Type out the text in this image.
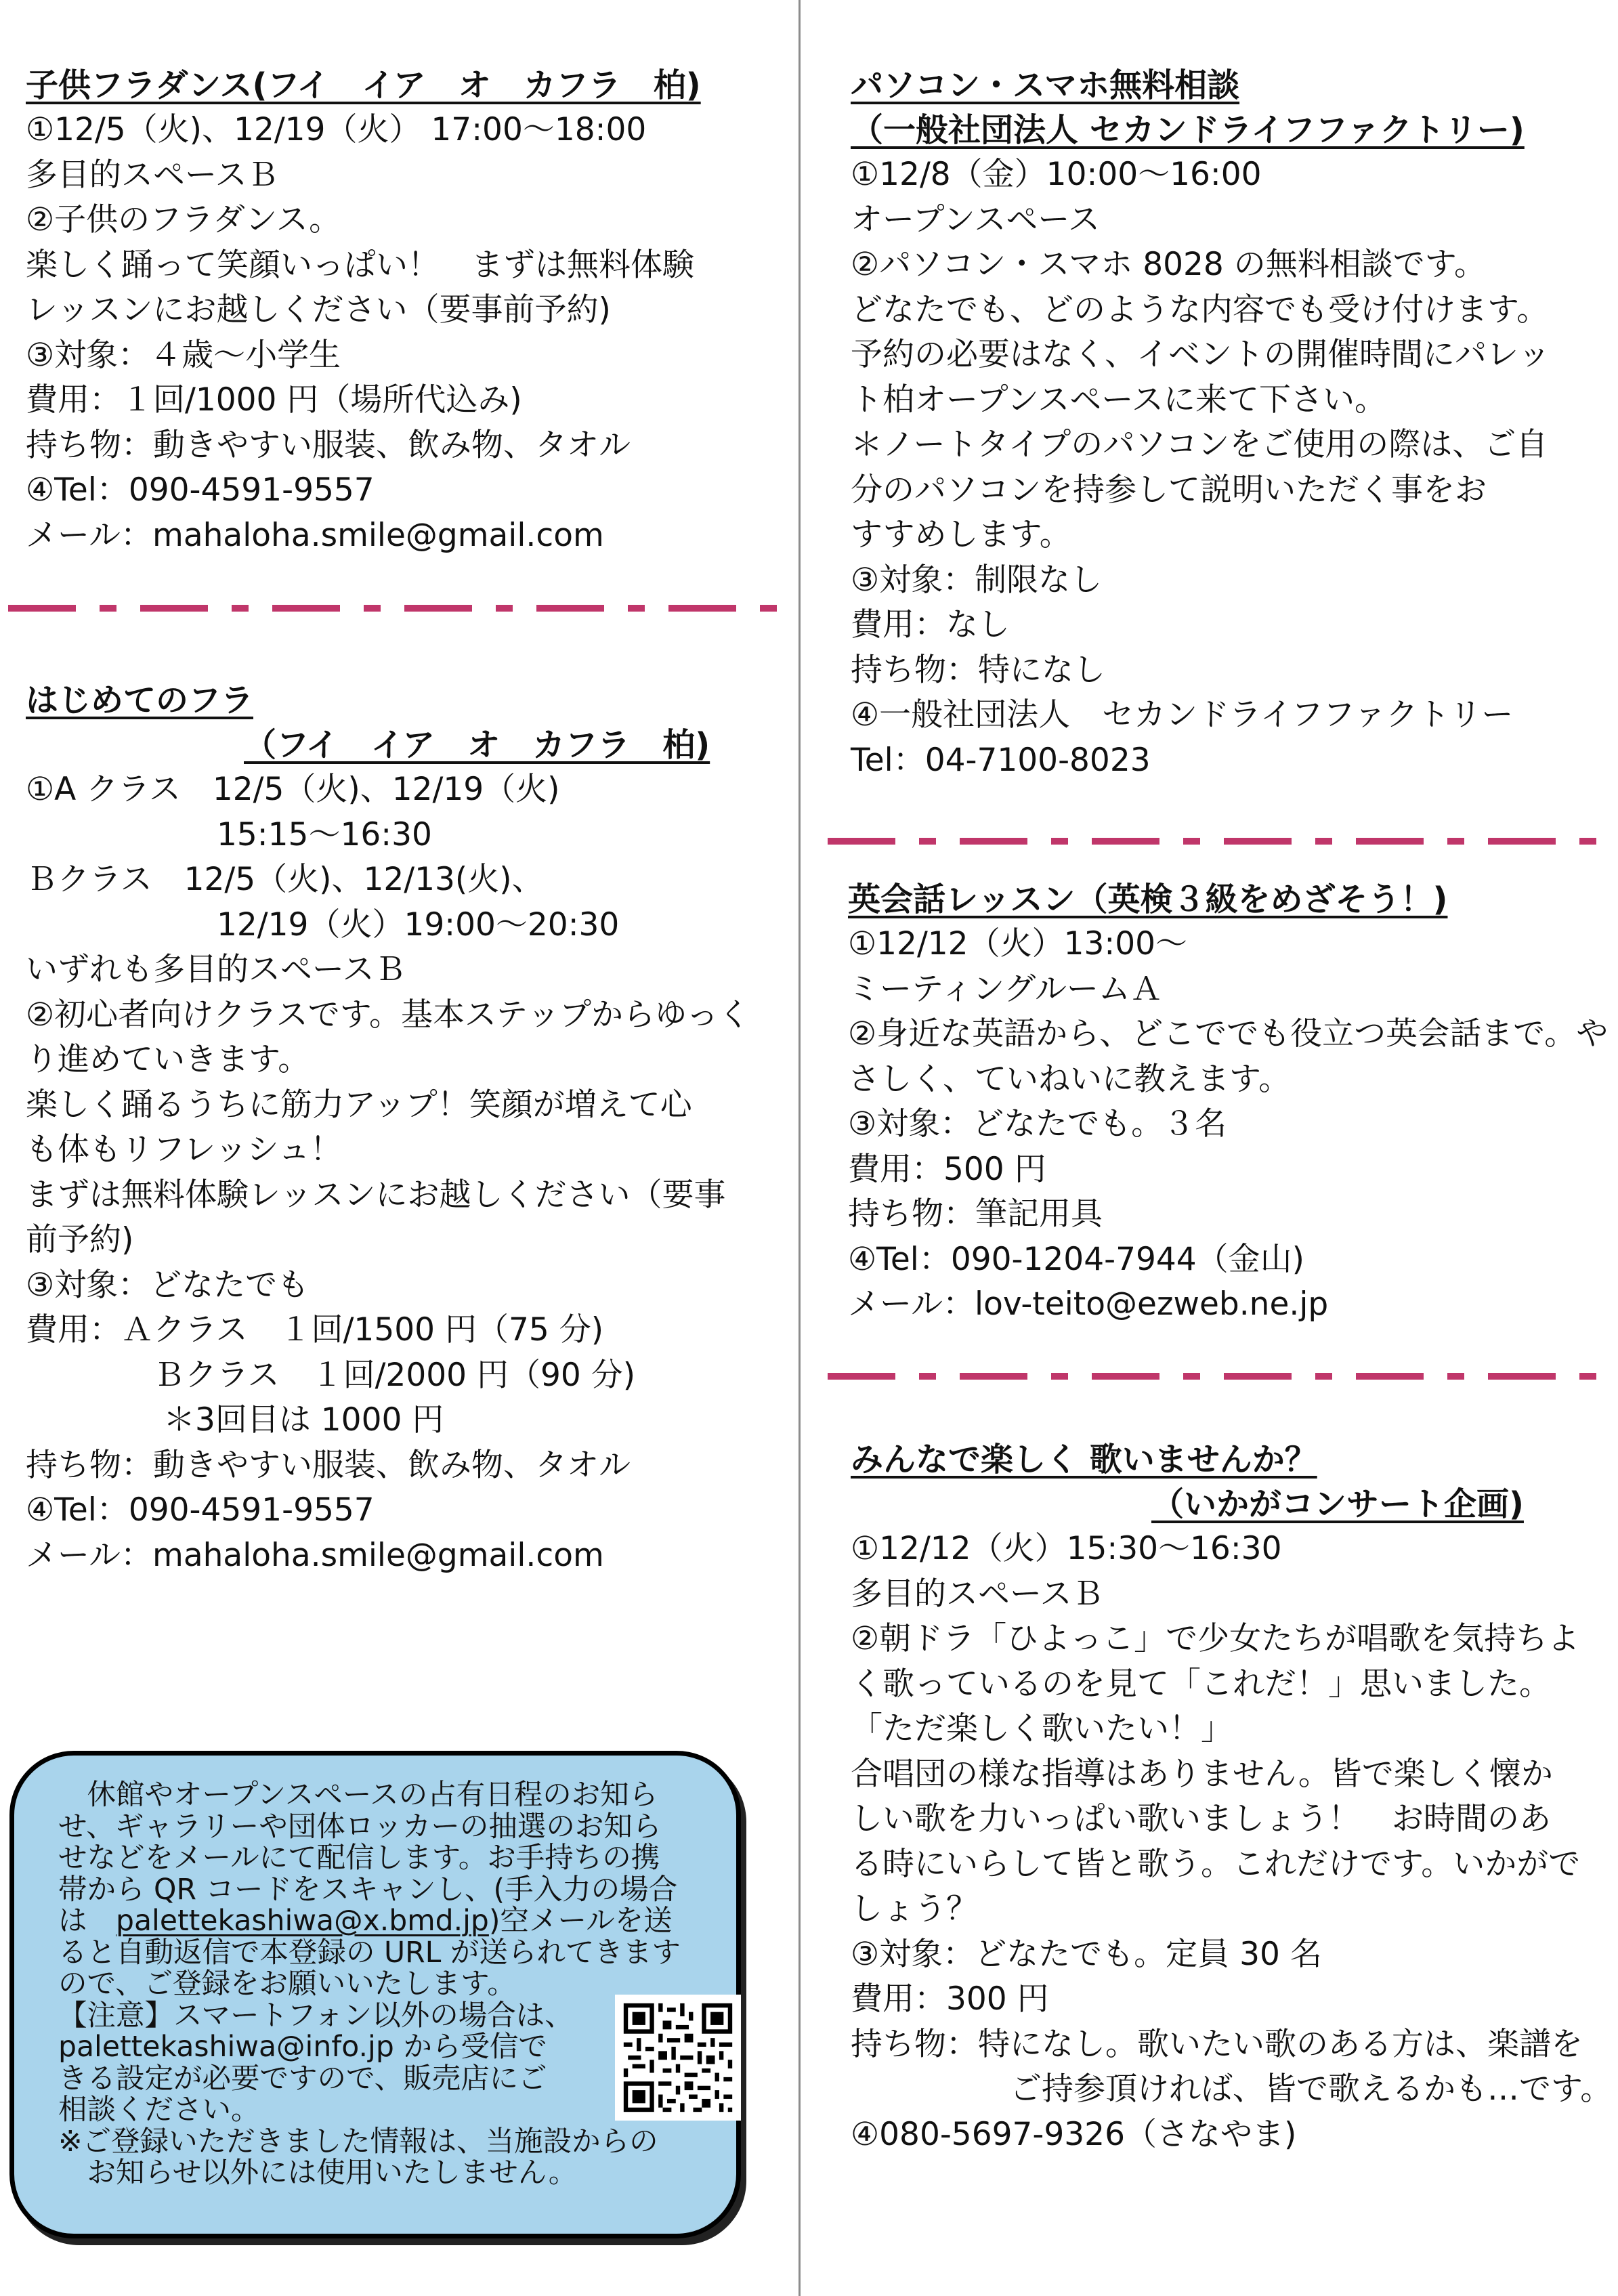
子供フラダンス(フイ　イア　オ　カフラ　柏)
①12/5（火)、12/19（火） 17:00～18:00
多目的スペースＢ
②子供のフラダンス。
楽しく踊って笑顔いっぱい！　まずは無料体験
レッスンにお越しください（要事前予約)
③対象：４歳～小学生
費用：１回/1000 円（場所代込み)
持ち物：動きやすい服装、飲み物、タオル
④Tel：090-4591-9557
メール：mahaloha.smile@gmail.com
はじめてのフラ
（フイ　イア　オ　カフラ　柏)
①A クラス　12/5（火)、12/19（火)
　　　　　　15:15～16:30
Ｂクラス　12/5（火)、12/13(火)、
　　　　　　12/19（火）19:00～20:30
いずれも多目的スペースＢ
②初心者向けクラスです。基本ステップからゆっく
り進めていきます。
楽しく踊るうちに筋力アップ！笑顔が増えて心
も体もリフレッシュ！
まずは無料体験レッスンにお越しください（要事
前予約)
③対象：どなたでも
費用：Ａクラス　１回/1500 円（75 分)
　　　　Ｂクラス　１回/2000 円（90 分)
　　　　 ＊3回目は 1000 円
持ち物：動きやすい服装、飲み物、タオル
④Tel：090-4591-9557
メール：mahaloha.smile@gmail.com
　休館やオープンスペースの占有日程のお知ら
せ、ギャラリーや団体ロッカーの抽選のお知ら
せなどをメールにて配信します。お手持ちの携
帯から QR コードをスキャンし、(手入力の場合
は　 palettekashiwa@x.bmd.jp)空メールを送
ると自動返信で本登録の URL が送られてきます
ので、ご登録をお願いいたします。
【注意】スマートフォン以外の場合は、
palettekashiwa@info.jp から受信で
きる設定が必要ですので、販売店にご
相談ください。
※ご登録いただきました情報は、当施設からの
　お知らせ以外には使用いたしません。
パソコン・スマホ無料相談
（一般社団法人 セカンドライフファクトリー)
①12/8（金）10:00～16:00
オープンスペース
②パソコン・スマホ 8028 の無料相談です。
どなたでも、どのような内容でも受け付けます。
予約の必要はなく、イベントの開催時間にパレッ
ト柏オープンスペースに来て下さい。
＊ノートタイプのパソコンをご使用の際は、ご自
分のパソコンを持参して説明いただく事をお
すすめします。
③対象：制限なし
費用：なし
持ち物：特になし
④一般社団法人　セカンドライフファクトリー
Tel：04-7100-8023
英会話レッスン（英検３級をめざそう！)
①12/12（火）13:00～
ミーティングルームＡ
②身近な英語から、どこででも役立つ英会話まで。や
さしく、ていねいに教えます。
③対象：どなたでも。３名
費用：500 円
持ち物：筆記用具
④Tel：090-1204-7944（金山)
メール：lov-teito@ezweb.ne.jp
みんなで楽しく 歌いませんか？
（いかがコンサート企画)
①12/12（火）15:30～16:30
多目的スペースＢ
②朝ドラ「ひよっこ」で少女たちが唱歌を気持ちよ
く歌っているのを見て「これだ！」思いました。
「ただ楽しく歌いたい！」
合唱団の様な指導はありません。皆で楽しく懐か
しい歌を力いっぱい歌いましょう！　お時間のあ
る時にいらして皆と歌う。これだけです。いかがで
しょう？
③対象：どなたでも。定員 30 名
費用：300 円
持ち物：特になし。歌いたい歌のある方は、楽譜を
　　　　　ご持参頂ければ、皆で歌えるかも…です。
④080-5697-9326（さなやま)
